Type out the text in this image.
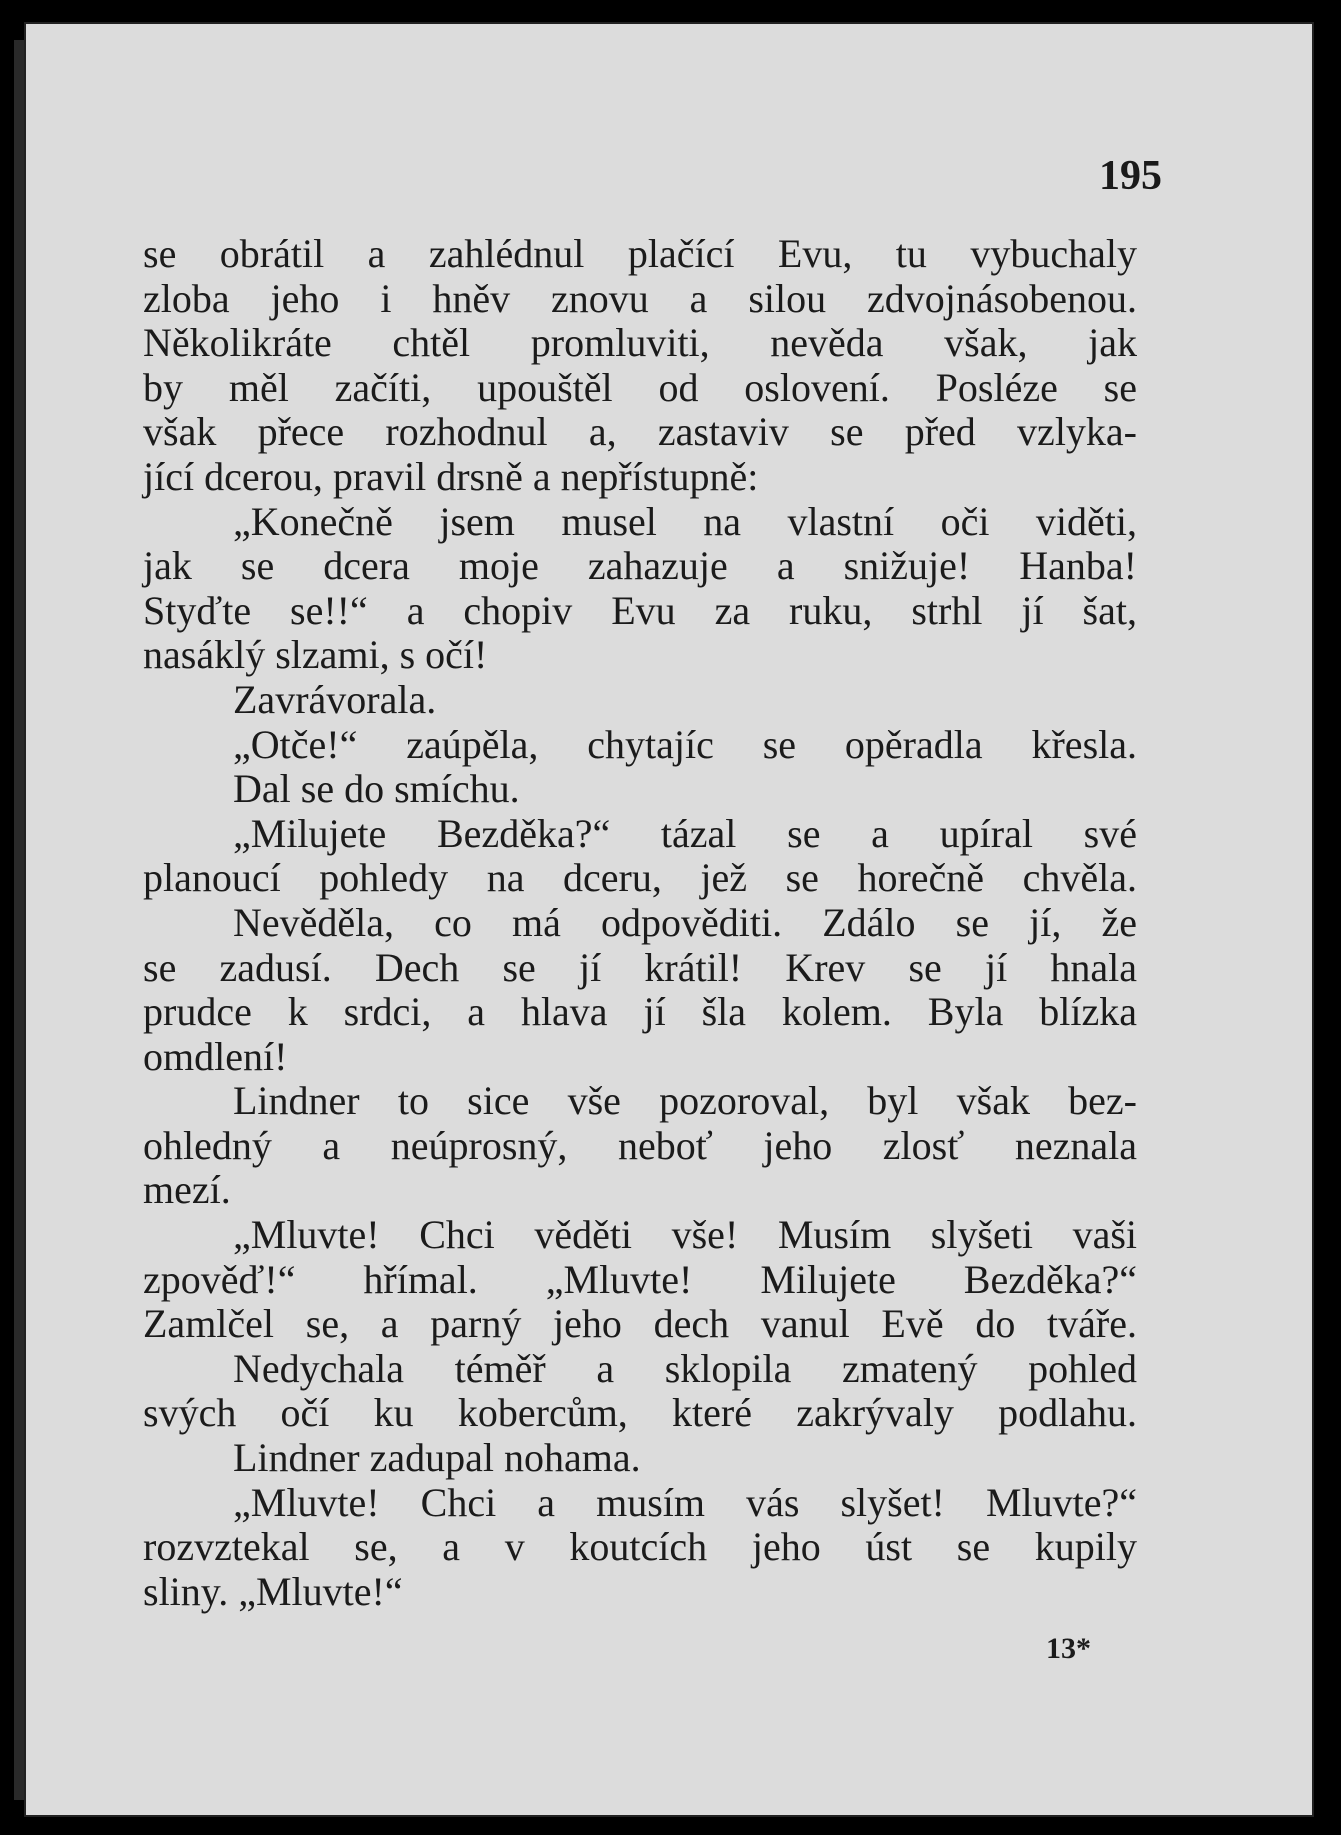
195
se obrátil a zahlédnul plačící Evu, tu vybuchaly
zloba jeho i hněv znovu a silou zdvojnásobenou.
Několikráte chtěl promluviti, nevěda však, jak
by měl začíti, upouštěl od oslovení. Posléze se
však přece rozhodnul a, zastaviv se před vzlyka-
jící dcerou, pravil drsně a nepřístupně:
„Konečně jsem musel na vlastní oči viděti,
jak se dcera moje zahazuje a snižuje! Hanba!
Styďte se!!“ a chopiv Evu za ruku, strhl jí šat,
nasáklý slzami, s očí!
Zavrávorala.
„Otče!“ zaúpěla, chytajíc se opěradla křesla.
Dal se do smíchu.
„Milujete Bezděka?“ tázal se a upíral své
planoucí pohledy na dceru, jež se horečně chvěla.
Nevěděla, co má odpověditi. Zdálo se jí, že
se zadusí. Dech se jí krátil! Krev se jí hnala
prudce k srdci, a hlava jí šla kolem. Byla blízka
omdlení!
Lindner to sice vše pozoroval, byl však bez-
ohledný a neúprosný, neboť jeho zlosť neznala
mezí.
„Mluvte! Chci věděti vše! Musím slyšeti vaši
zpověď!“ hřímal. „Mluvte! Milujete Bezděka?“
Zamlčel se, a parný jeho dech vanul Evě do tváře.
Nedychala téměř a sklopila zmatený pohled
svých očí ku kobercům, které zakrývaly podlahu.
Lindner zadupal nohama.
„Mluvte! Chci a musím vás slyšet! Mluvte?“
rozvztekal se, a v koutcích jeho úst se kupily
sliny. „Mluvte!“
13*
